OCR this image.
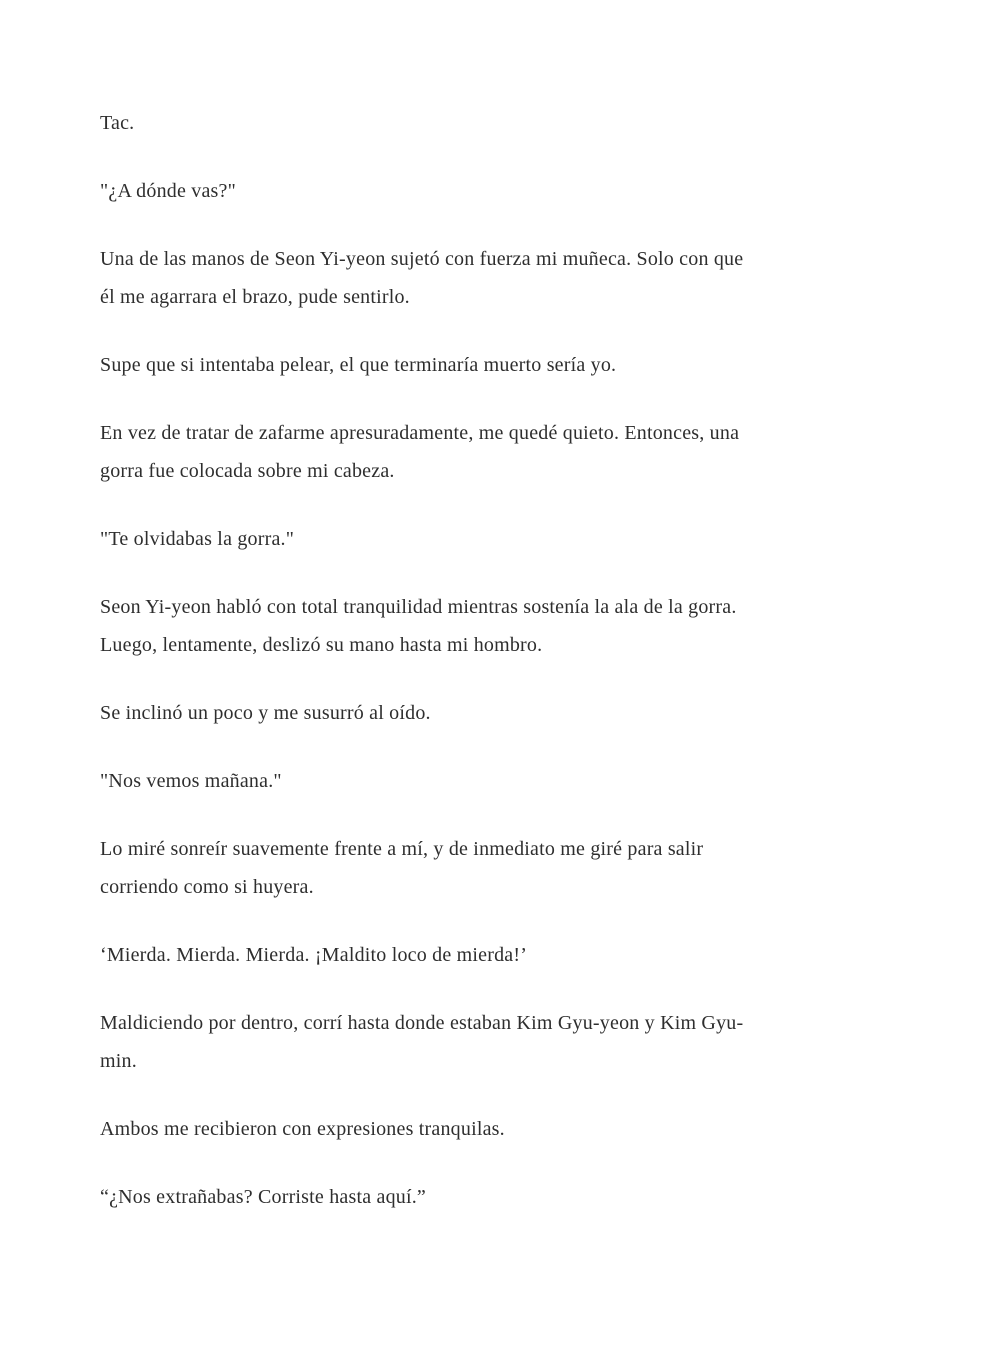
Tac.

"¿A dónde vas?"

Una de las manos de Seon Yi-yeon sujetó con fuerza mi muñeca. Solo con que
él me agarrara el brazo, pude sentirlo.

Supe que si intentaba pelear, el que terminaría muerto sería yo.

En vez de tratar de zafarme apresuradamente, me quedé quieto. Entonces, una
gorra fue colocada sobre mi cabeza.

"Te olvidabas la gorra."

Seon Yi-yeon habló con total tranquilidad mientras sostenía la ala de la gorra.
Luego, lentamente, deslizó su mano hasta mi hombro.

Se inclinó un poco y me susurró al oído.

"Nos vemos mañana."

Lo miré sonreír suavemente frente a mí, y de inmediato me giré para salir
corriendo como si huyera.

‘Mierda. Mierda. Mierda. ¡Maldito loco de mierda!’

Maldiciendo por dentro, corrí hasta donde estaban Kim Gyu-yeon y Kim Gyu-
min.

Ambos me recibieron con expresiones tranquilas.

“¿Nos extrañabas? Corriste hasta aquí.”
